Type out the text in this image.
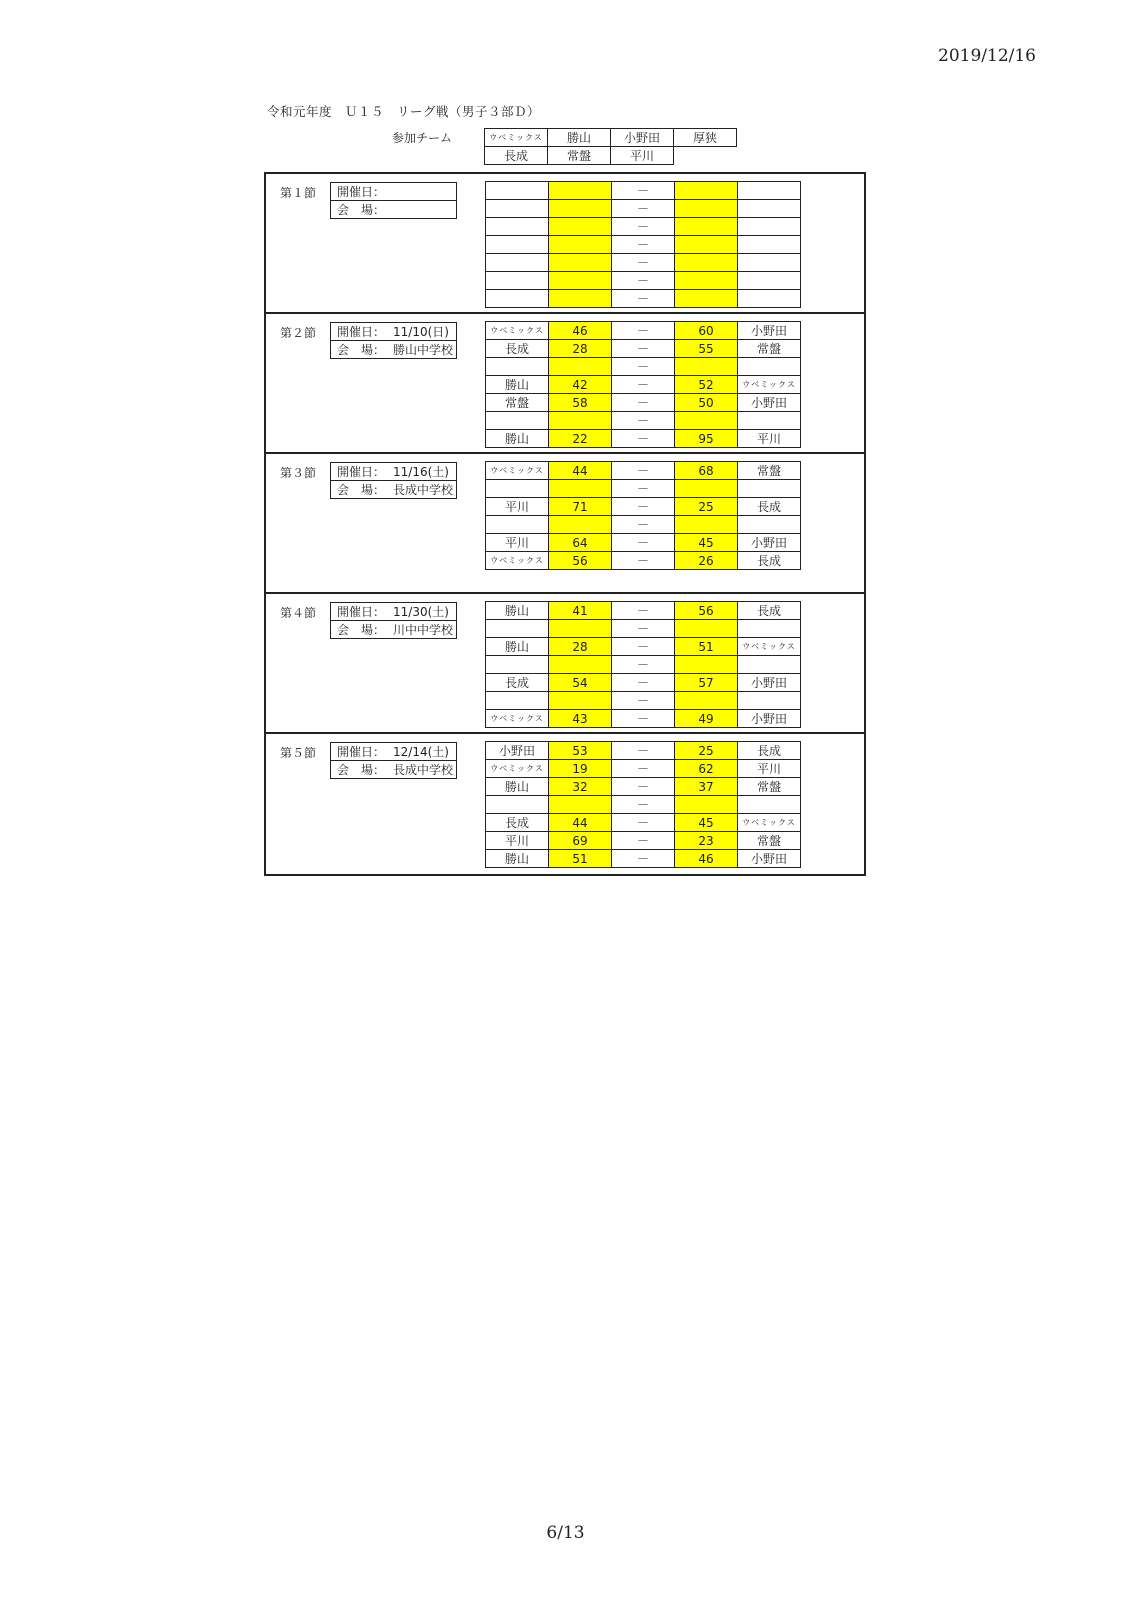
2019/12/16
令和元年度　Ｕ１５　リーグ戦（男子３部Ｄ）
参加チーム	ウベミックス	勝山	小野田	厚狭
長成	常盤	平川	
第１節 開催日：
会　場：
		－		
		－		
		－		
		－		
		－		
		－		
		－		
第２節 開催日： 11/10(日)
会　場： 勝山中学校
ウベミックス	46	－	60	小野田
長成	28	－	55	常盤
		－		
勝山	42	－	52	ウベミックス
常盤	58	－	50	小野田
		－		
勝山	22	－	95	平川
第３節 開催日： 11/16(土)
会　場： 長成中学校
ウベミックス	44	－	68	常盤
		－		
平川	71	－	25	長成
		－		
平川	64	－	45	小野田
ウベミックス	56	－	26	長成
第４節 開催日： 11/30(土)
会　場： 川中中学校
勝山	41	－	56	長成
		－		
勝山	28	－	51	ウベミックス
		－		
長成	54	－	57	小野田
		－		
ウベミックス	43	－	49	小野田
第５節 開催日： 12/14(土)
会　場： 長成中学校
小野田	53	－	25	長成
ウベミックス	19	－	62	平川
勝山	32	－	37	常盤
		－		
長成	44	－	45	ウベミックス
平川	69	－	23	常盤
勝山	51	－	46	小野田
6/13
